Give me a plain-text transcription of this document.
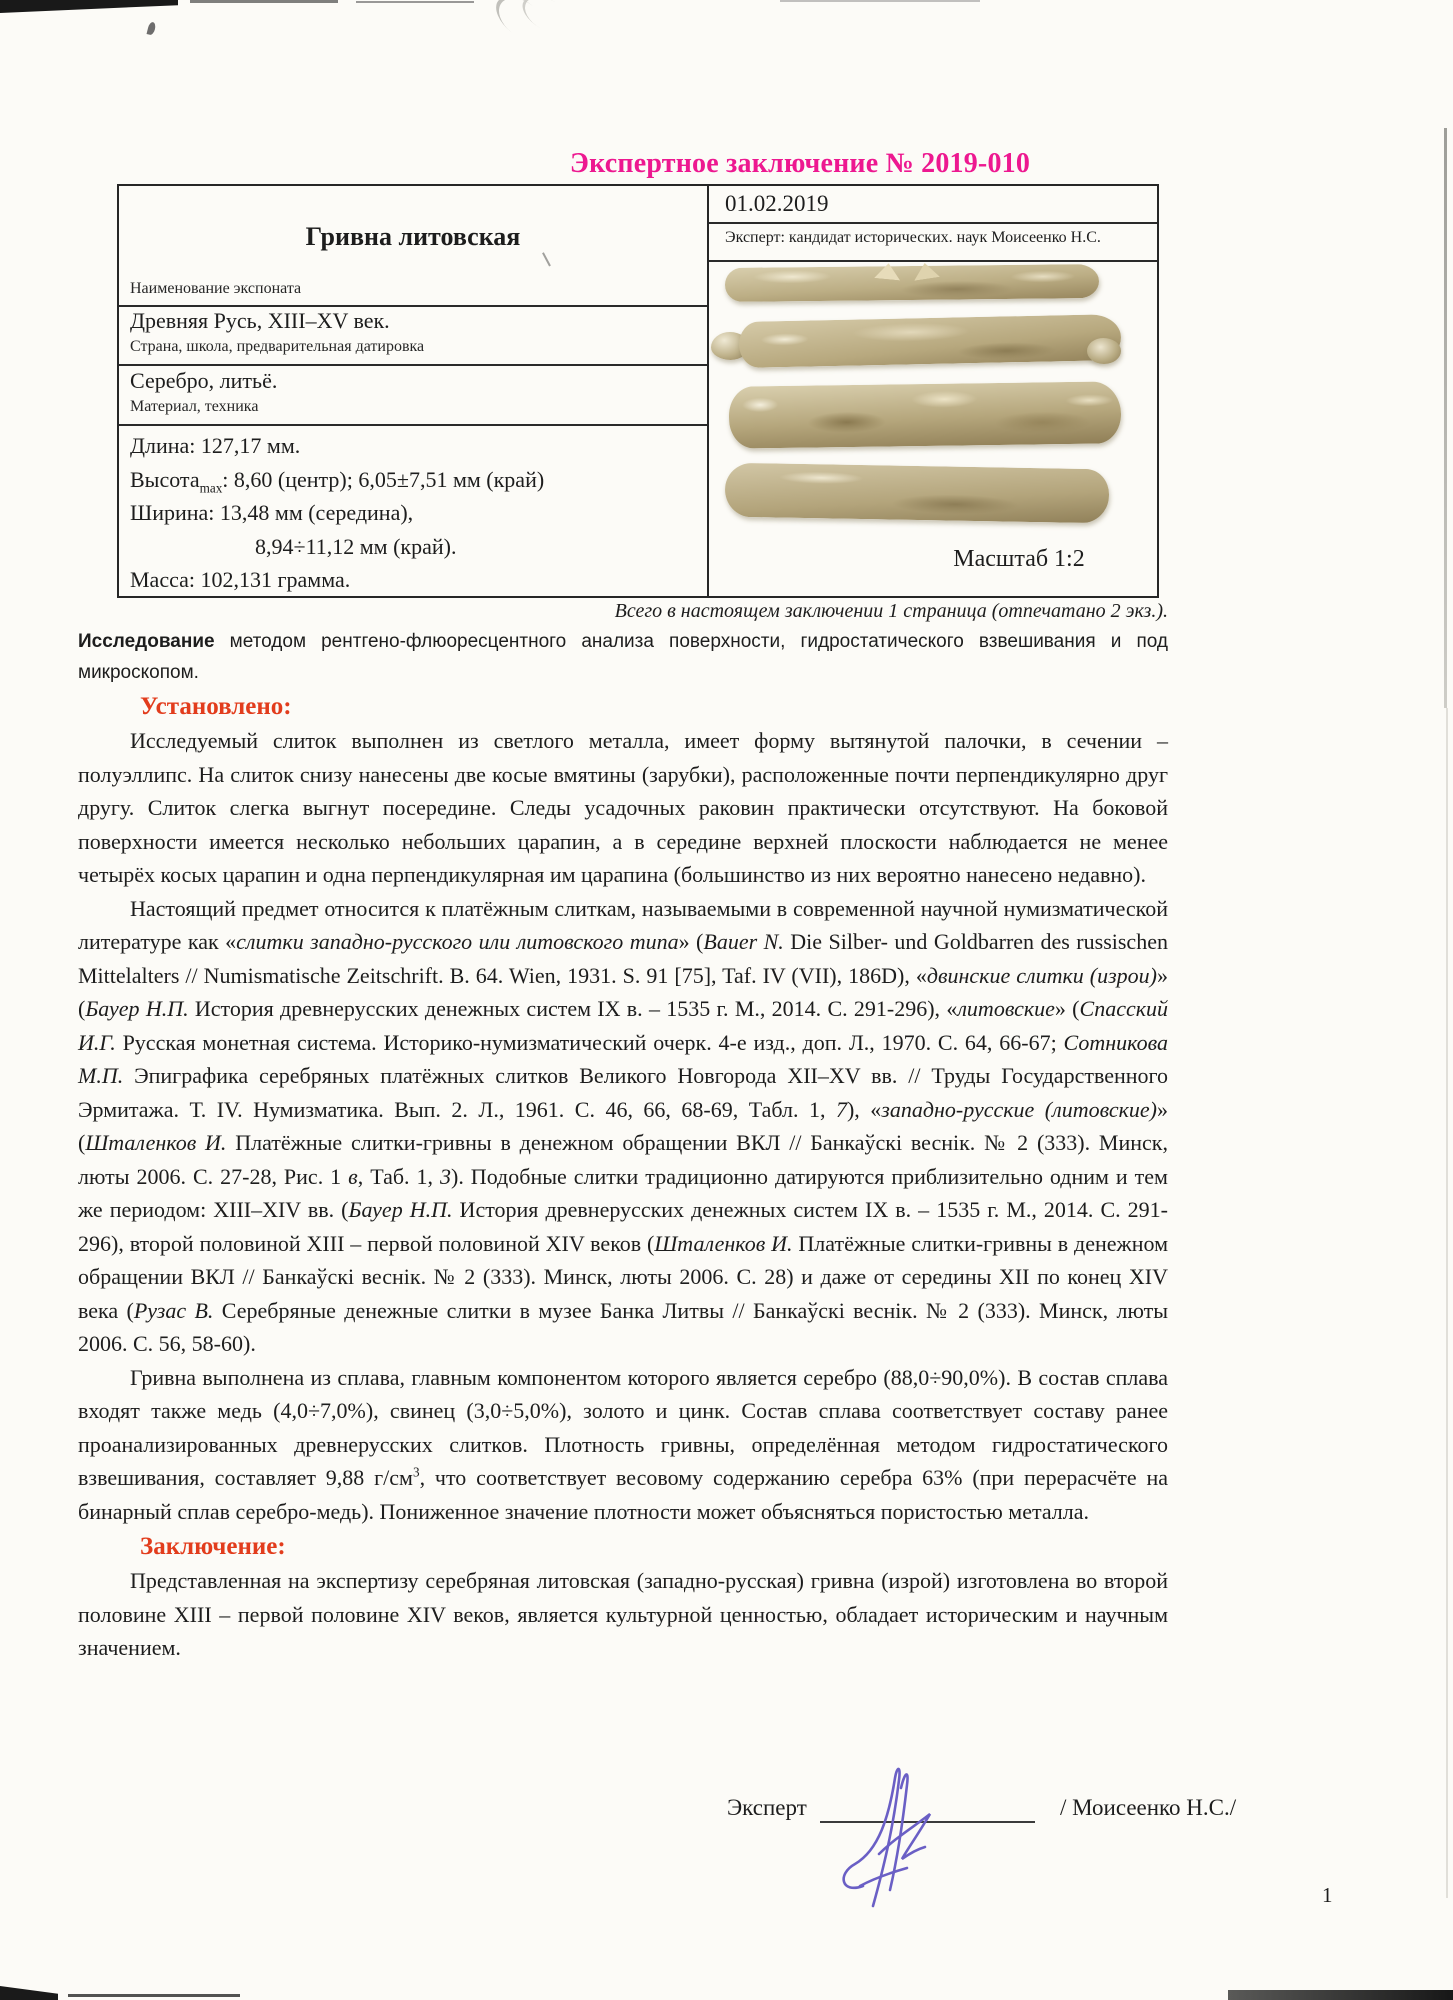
Экспертное заключение № 2019-010
Гривна литовская
Наименование экспоната
Древняя Русь, XIII–XV век.
Страна, школа, предварительная датировка
Серебро, литьё.
Материал, техника
Длина: 127,17 мм.
Высота$_{max}$: 8,60 (центр); 6,05±7,51 мм (край)
Ширина: 13,48 мм (середина),
8,94÷11,12 мм (край).
Масса: 102,131 грамма.
01.02.2019
Эксперт: кандидат исторических. наук Моисеенко Н.С.
Масштаб 1:2
Всего в настоящем заключении 1 страница (отпечатано 2 экз.).

Исследование методом рентгено-флюоресцентного анализа поверхности, гидростатического взвешивания и под микроскопом.

Установлено:

Исследуемый слиток выполнен из светлого металла, имеет форму вытянутой палочки, в сечении – полуэллипс. На слиток снизу нанесены две косые вмятины (зарубки), расположенные почти перпендикулярно друг другу. Слиток слегка выгнут посередине. Следы усадочных раковин практически отсутствуют. На боковой поверхности имеется несколько небольших царапин, а в середине верхней плоскости наблюдается не менее четырёх косых царапин и одна перпендикулярная им царапина (большинство из них вероятно нанесено недавно).

Настоящий предмет относится к платёжным слиткам, называемыми в современной научной нумизматической литературе как «слитки западно-русского или литовского типа» (Bauer N. Die Silber- und Goldbarren des russischen Mittelalters // Numismatische Zeitschrift. B. 64. Wien, 1931. S. 91 [75], Taf. IV (VII), 186D), «двинские слитки (изрои)» (Бауер Н.П. История древнерусских денежных систем IX в. – 1535 г. М., 2014. С. 291-296), «литовские» (Спасский И.Г. Русская монетная система. Историко-нумизматический очерк. 4-е изд., доп. Л., 1970. С. 64, 66-67; Сотникова М.П. Эпиграфика серебряных платёжных слитков Великого Новгорода XII–XV вв. // Труды Государственного Эрмитажа. Т. IV. Нумизматика. Вып. 2. Л., 1961. С. 46, 66, 68-69, Табл. 1, 7), «западно-русские (литовские)» (Шталенков И. Платёжные слитки-гривны в денежном обращении ВКЛ // Банкаўскі веснік. № 2 (333). Минск, люты 2006. С. 27-28, Рис. 1 в, Таб. 1, 3). Подобные слитки традиционно датируются приблизительно одним и тем же периодом: XIII–XIV вв. (Бауер Н.П. История древнерусских денежных систем IX в. – 1535 г. М., 2014. С. 291-296), второй половиной XIII – первой половиной XIV веков (Шталенков И. Платёжные слитки-гривны в денежном обращении ВКЛ // Банкаўскі веснік. № 2 (333). Минск, люты 2006. С. 28) и даже от середины XII по конец XIV века (Рузас В. Серебряные денежные слитки в музее Банка Литвы // Банкаўскі веснік. № 2 (333). Минск, люты 2006. С. 56, 58-60).

Гривна выполнена из сплава, главным компонентом которого является серебро (88,0÷90,0%). В состав сплава входят также медь (4,0÷7,0%), свинец (3,0÷5,0%), золото и цинк. Состав сплава соответствует составу ранее проанализированных древнерусских слитков. Плотность гривны, определённая методом гидростатического взвешивания, составляет 9,88 $г/см^3$, что соответствует весовому содержанию серебра 63% (при перерасчёте на бинарный сплав серебро-медь). Пониженное значение плотности может объясняться пористостью металла.

Заключение:

Представленная на экспертизу серебряная литовская (западно-русская) гривна (изрой) изготовлена во второй половине XIII – первой половине XIV веков, является культурной ценностью, обладает историческим и научным значением.

Эксперт	/ Моисеенко Н.С./
1
